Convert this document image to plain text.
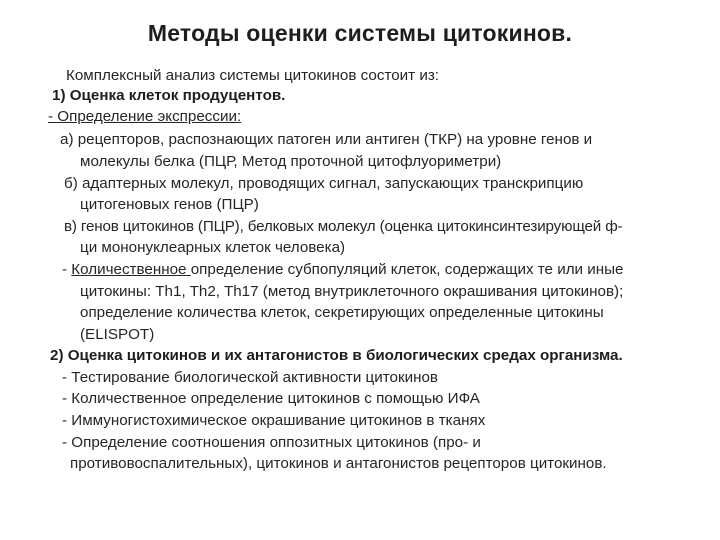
Методы оценки системы цитокинов.
Комплексный анализ системы цитокинов состоит из:
1) Оценка клеток продуцентов.
- Определение экспрессии:
а) рецепторов, распознающих патоген или антиген (ТКР) на уровне генов и
молекулы белка (ПЦР, Метод проточной цитофлуориметри)
б) адаптерных молекул, проводящих сигнал, запускающих транскрипцию
цитогеновых генов (ПЦР)
в) генов цитокинов (ПЦР), белковых молекул (оценка цитокинсинтезирующей ф-
ци мононуклеарных клеток человека)
- Количественное определение субпопуляций клеток, содержащих те или иные
цитокины: Th1, Th2, Th17 (метод внутриклеточного окрашивания цитокинов);
определение количества клеток, секретирующих определенные цитокины
(ELISPOT)
2) Оценка цитокинов и их антагонистов в биологических средах организма.
- Тестирование биологической активности цитокинов
- Количественное определение цитокинов с помощью ИФА
- Иммуногистохимическое окрашивание цитокинов в тканях
- Определение соотношения оппозитных цитокинов (про- и
противовоспалительных), цитокинов и антагонистов рецепторов цитокинов.
